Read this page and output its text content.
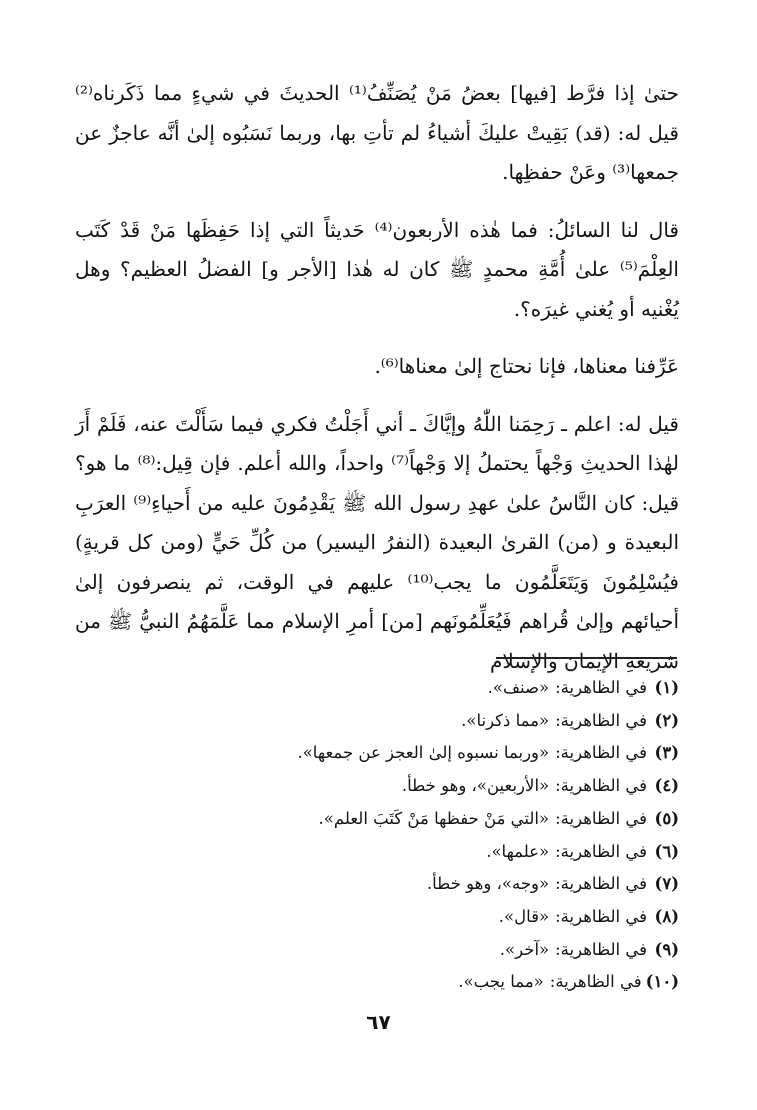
حتىٰ إذا فرَّط [فيها] بعضُ مَنْ يُصَنِّفُ⁽¹⁾ الحديثَ في شيءٍ مما ذَكَرناه⁽²⁾ قيل له: (قد) بَقِيتْ عليكَ أشياءُ لم تأتِ بها، وربما نَسَبُوه إلىٰ أنَّه عاجزٌ عن جمعها⁽³⁾ وعَنْ حفظِها.

قال لنا السائلُ: فما هٰذه الأربعون⁽⁴⁾ حَديثاً التي إذا حَفِظَها مَنْ قَدْ كَتَب العِلْمَ⁽⁵⁾ علىٰ أُمَّةِ محمدٍ ﷺ كان له هٰذا [الأجر و] الفضلُ العظيم؟ وهل يُغْنيه أو يُغني غيرَه؟.

عَرِّفنا معناها، فإنا نحتاج إلىٰ معناها⁽⁶⁾.

قيل له: اعلم ـ رَحِمَنا اللّٰهُ وإيَّاكَ ـ أني أَجَلْتُ فكري فيما سَأَلْتَ عنه، فَلَمْ أَرَ لهٰذا الحديثِ وَجْهاً يحتملُ إلا وَجْهاً⁽⁷⁾ واحداً، والله أعلم. فإن قِيل:⁽⁸⁾ ما هو؟ قيل: كان النَّاسُ علىٰ عهدِ رسول الله ﷺ يَقْدِمُونَ عليه من أَحياءِ⁽⁹⁾ العرَبِ البعيدة و (من) القرىٰ البعيدة (النفرُ اليسير) من كُلِّ حَيٍّ (ومن كل قريةٍ) فيُسْلِمُونَ وَيَتَعَلَّمُون ما يجب⁽¹⁰⁾ عليهم في الوقت، ثم ينصرفون إلىٰ أحيائهم وإلىٰ قُراهم فَيُعَلِّمُونَهم [من] أمرِ الإسلام مما عَلَّمَهُمُ النبيُّ ﷺ من شريعةِ الإيمان والإسلام

(١)
في الظاهرية:
«صنف».
(٢)
في الظاهرية:
«مما ذكرنا».
(٣)
في الظاهرية:
«وربما نسبوه إلىٰ العجز عن جمعها».
(٤)
في الظاهرية:
«الأربعين»، وهو خطأ.
(٥)
في الظاهرية:
«التي مَنْ حفظها مَنْ كَتَبَ العلم».
(٦)
في الظاهرية:
«علمها».
(٧)
في الظاهرية:
«وجه»، وهو خطأ.
(٨)
في الظاهرية:
«قال».
(٩)
في الظاهرية:
«آخر».
(١٠)
في الظاهرية:
«مما يجب».
٦٧
